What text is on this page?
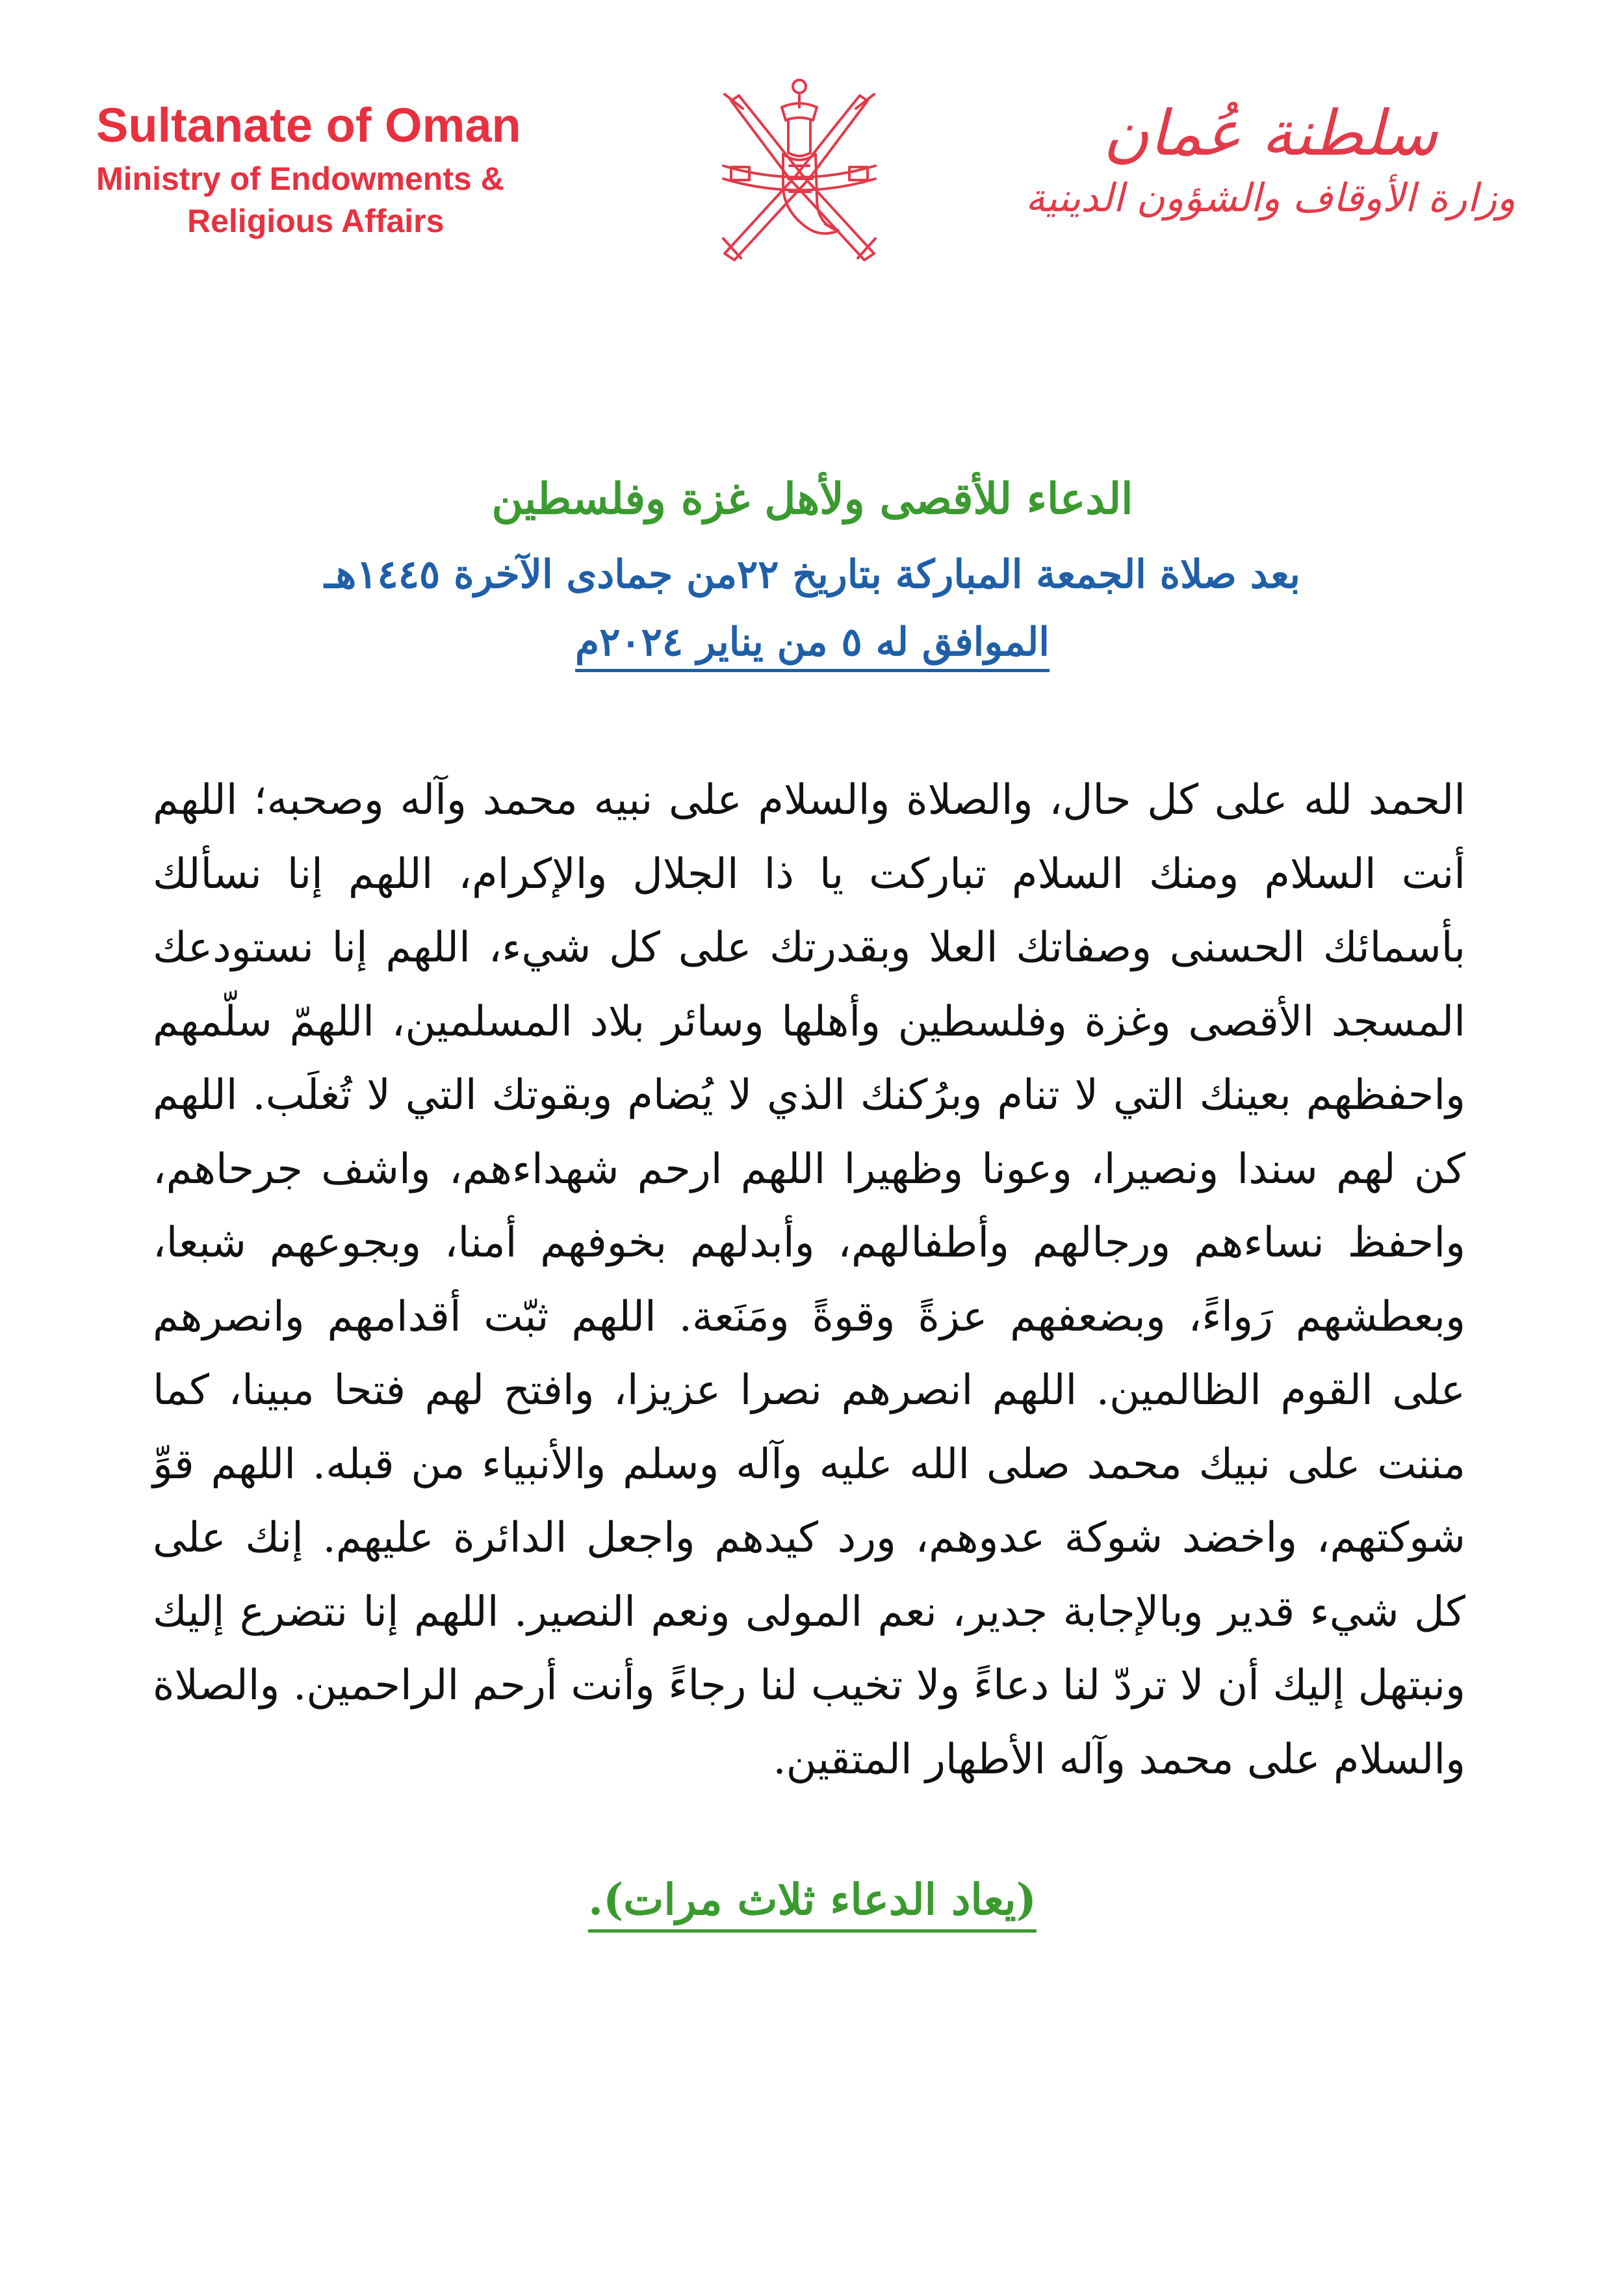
Sultanate of Oman
Ministry of Endowments &
Religious Affairs
سلطنة عُمان
وزارة الأوقاف والشؤون الدينية
الدعاء للأقصى ولأهل غزة وفلسطين
بعد صلاة الجمعة المباركة بتاريخ ٢٢من جمادى الآخرة ١٤٤٥هـ
الموافق له ٥ من يناير ٢٠٢٤م
الحمد لله على كل حال، والصلاة والسلام على نبيه محمد وآله وصحبه؛ اللهم أنت السلام ومنك السلام تباركت يا ذا الجلال والإكرام، اللهم إنا نسألك بأسمائك الحسنى وصفاتك العلا وبقدرتك على كل شيء، اللهم إنا نستودعك المسجد الأقصى وغزة وفلسطين وأهلها وسائر بلاد المسلمين، اللهمّ سلّمهم واحفظهم بعينك التي لا تنام وبرُكنك الذي لا يُضام وبقوتك التي لا تُغلَب. اللهم كن لهم سندا ونصيرا، وعونا وظهيرا اللهم ارحم شهداءهم، واشف جرحاهم، واحفظ نساءهم ورجالهم وأطفالهم، وأبدلهم بخوفهم أمنا، وبجوعهم شبعا، وبعطشهم رَواءً، وبضعفهم عزةً وقوةً ومَنَعة. اللهم ثبّت أقدامهم وانصرهم على القوم الظالمين. اللهم انصرهم نصرا عزيزا، وافتح لهم فتحا مبينا، كما مننت على نبيك محمد صلى الله عليه وآله وسلم والأنبياء من قبله. اللهم قوِّ شوكتهم، واخضد شوكة عدوهم، ورد كيدهم واجعل الدائرة عليهم. إنك على كل شيء قدير وبالإجابة جدير، نعم المولى ونعم النصير. اللهم إنا نتضرع إليك ونبتهل إليك أن لا تردّ لنا دعاءً ولا تخيب لنا رجاءً وأنت أرحم الراحمين. والصلاة والسلام على محمد وآله الأطهار المتقين.
(يعاد الدعاء ثلاث مرات).
